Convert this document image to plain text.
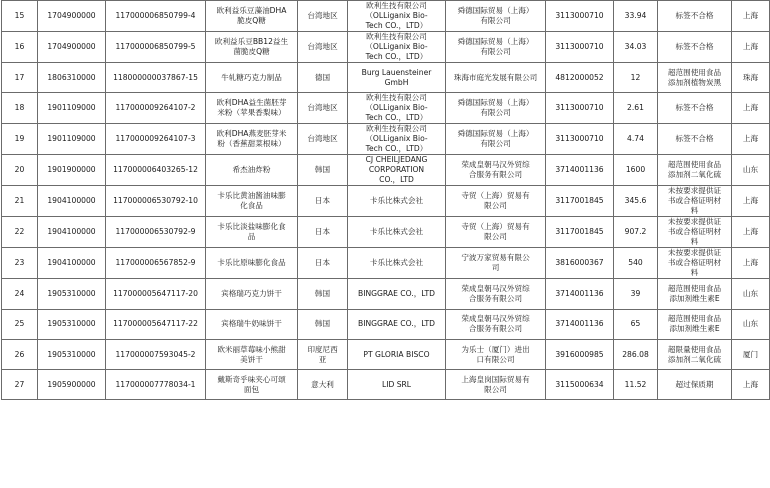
15	1704900000	117000006850799-4	欧利益乐豆藻油DHA
脆皮Q糖	台湾地区	欧利生技有限公司
（OLLiganix Bio-
Tech CO.，LTD）	舜德国际贸易（上海）
有限公司	3113000710	33.94	标签不合格	上海
16	1704900000	117000006850799-5	欧利益乐豆BB12益生
菌脆皮Q糖	台湾地区	欧利生技有限公司
（OLLiganix Bio-
Tech CO.，LTD）	舜德国际贸易（上海）
有限公司	3113000710	34.03	标签不合格	上海
17	1806310000	118000000037867-15	牛轧糖巧克力制品	德国	Burg Lauensteiner
GmbH	珠海市庭光发展有限公司	4812000052	12	超范围使用食品
添加剂植物炭黑	珠海
18	1901109000	117000009264107-2	欧利DHA益生菌胚芽
米粉（苹果香梨味）	台湾地区	欧利生技有限公司
（OLLiganix Bio-
Tech CO.，LTD）	舜德国际贸易（上海）
有限公司	3113000710	2.61	标签不合格	上海
19	1901109000	117000009264107-3	欧利DHA燕麦胚芽米
粉（香蕉甜菜根味）	台湾地区	欧利生技有限公司
（OLLiganix Bio-
Tech CO.，LTD）	舜德国际贸易（上海）
有限公司	3113000710	4.74	标签不合格	上海
20	1901900000	117000006403265-12	希杰油炸粉	韩国	CJ CHEILJEDANG
CORPORATION
CO.，LTD	荣成皇朝马汉外贸综
合服务有限公司	3714001136	1600	超范围使用食品
添加剂二氧化硫	山东
21	1904100000	117000006530792-10	卡乐比黄油酱油味膨
化食品	日本	卡乐比株式会社	寺贸（上海）贸易有
限公司	3117001845	345.6	未按要求提供证
书或合格证明材
料	上海
22	1904100000	117000006530792-9	卡乐比淡盐味膨化食
品	日本	卡乐比株式会社	寺贸（上海）贸易有
限公司	3117001845	907.2	未按要求提供证
书或合格证明材
料	上海
23	1904100000	117000006567852-9	卡乐比原味膨化食品	日本	卡乐比株式会社	宁波万家贸易有限公
司	3816000367	540	未按要求提供证
书或合格证明材
料	上海
24	1905310000	117000005647117-20	宾格瑞巧克力饼干	韩国	BINGGRAE CO.，LTD	荣成皇朝马汉外贸综
合服务有限公司	3714001136	39	超范围使用食品
添加剂维生素E	山东
25	1905310000	117000005647117-22	宾格瑞牛奶味饼干	韩国	BINGGRAE CO.，LTD	荣成皇朝马汉外贸综
合服务有限公司	3714001136	65	超范围使用食品
添加剂维生素E	山东
26	1905310000	117000007593045-2	欧米丽草莓味小熊甜
美饼干	印度尼西
亚	PT GLORIA BISCO	为乐士（厦门）进出
口有限公司	3916000985	286.08	超限量使用食品
添加剂二氧化硫	厦门
27	1905900000	117000007778034-1	戴斯奇乎味夹心可颂
面包	意大利	LID SRL	上海皇岗国际贸易有
限公司	3115000634	11.52	超过保质期	上海
